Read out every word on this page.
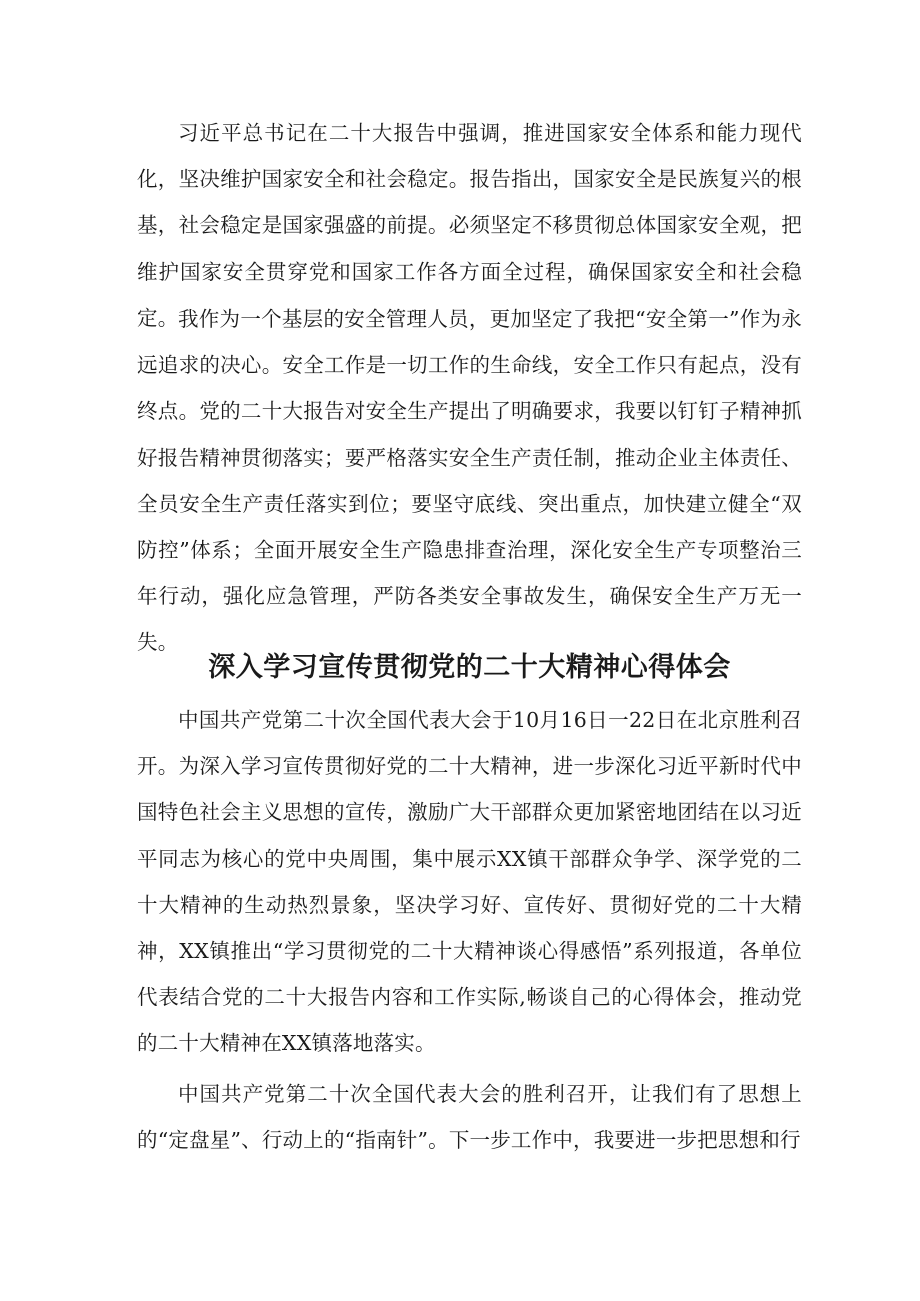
习近平总书记在二十大报告中强调，推进国家安全体系和能力现代化，坚决维护国家安全和社会稳定。报告指出，国家安全是民族复兴的根基，社会稳定是国家强盛的前提。必须坚定不移贯彻总体国家安全观，把维护国家安全贯穿党和国家工作各方面全过程，确保国家安全和社会稳定。 我作为一个基层的安全管理人员，更加坚定了我把“安全第一”作为永远追求的决心。安全工作是一切工作的生命线，安全工作只有起点，没有终点。党的二十大报告对安全生产提出了明确要求，我要以钉钉子精神抓好报告精神贯彻落实；要严格落实安全生产责任制，推动企业主体责任、全员安全生产责任落实到位；要坚守底线、突出重点，加快建立健全“双防控”体系；全面开展安全生产隐患排查治理，深化安全生产专项整治三年行动，强化应急管理，严防各类安全事故发生，确保安全生产万无一失。

深入学习宣传贯彻党的二十大精神心得体会

中国共产党第二十次全国代表大会于10月16日一22日在北京胜利召开。为深入学习宣传贯彻好党的二十大精神，进一步深化习近平新时代中国特色社会主义思想的宣传，激励广大干部群众更加紧密地团结在以习近平同志为核心的党中央周围，集中展示XX镇干部群众争学、深学党的二十大精神的生动热烈景象，坚决学习好、宣传好、贯彻好党的二十大精神，XX镇推出“学习贯彻党的二十大精神谈心得感悟”系列报道，各单位代表结合党的二十大报告内容和工作实际,畅谈自己的心得体会，推动党的二十大精神在XX镇落地落实。

中国共产党第二十次全国代表大会的胜利召开，让我们有了思想上的“定盘星”、行动上的“指南针”。下一步工作中，我要进一步把思想和行
